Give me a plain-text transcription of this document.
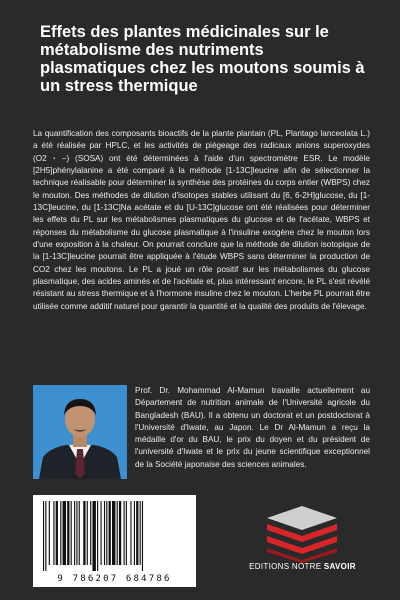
Effets des plantes médicinales sur le métabolisme des nutriments plasmatiques chez les moutons soumis à un stress thermique
La quantification des composants bioactifs de la plante plantain (PL, Plantago lanceolata L.) a été réalisée par HPLC, et les activités de piégeage des radicaux anions superoxydes (O2・−) (SOSA) ont été déterminées à l'aide d'un spectromètre ESR. Le modèle [2H5]phénylalanine a été comparé à la méthode [1-13C]leucine afin de sélectionner la technique réalisable pour déterminer la synthèse des protéines du corps entier (WBPS) chez le mouton. Des méthodes de dilution d'isotopes stables utilisant du [6, 6-2H]glucose, du [1-13C]leucine, du [1-13C]Na acétate et du [U-13C]glucose ont été réalisées pour déterminer les effets du PL sur les métabolismes plasmatiques du glucose et de l'acétate, WBPS et réponses du métabolisme du glucose plasmatique à l'insuline exogène chez le mouton lors d'une exposition à la chaleur. On pourrait conclure que la méthode de dilution isotopique de la [1-13C]leucine pourrait être appliquée à l'étude WBPS sans déterminer la production de CO2 chez les moutons. Le PL a joué un rôle positif sur les métabolismes du glucose plasmatique, des acides aminés et de l'acétate et, plus intéressant encore, le PL s'est révélé résistant au stress thermique et à l'hormone insuline chez le mouton. L'herbe PL pourrait être utilisée comme additif naturel pour garantir la quantité et la qualité des produits de l'élevage.
Prof. Dr. Mohammad Al-Mamun travaille actuellement au Département de nutrition animale de l'Université agricole du Bangladesh (BAU). Il a obtenu un doctorat et un postdoctorat à l'Université d'Iwate, au Japon. Le Dr Al-Mamun a reçu la médaille d'or du BAU, le prix du doyen et du président de l'université d'Iwate et le prix du jeune scientifique exceptionnel de la Société japonaise des sciences animales.
9 786207 684786
EDITIONS NOTRE SAVOIR
